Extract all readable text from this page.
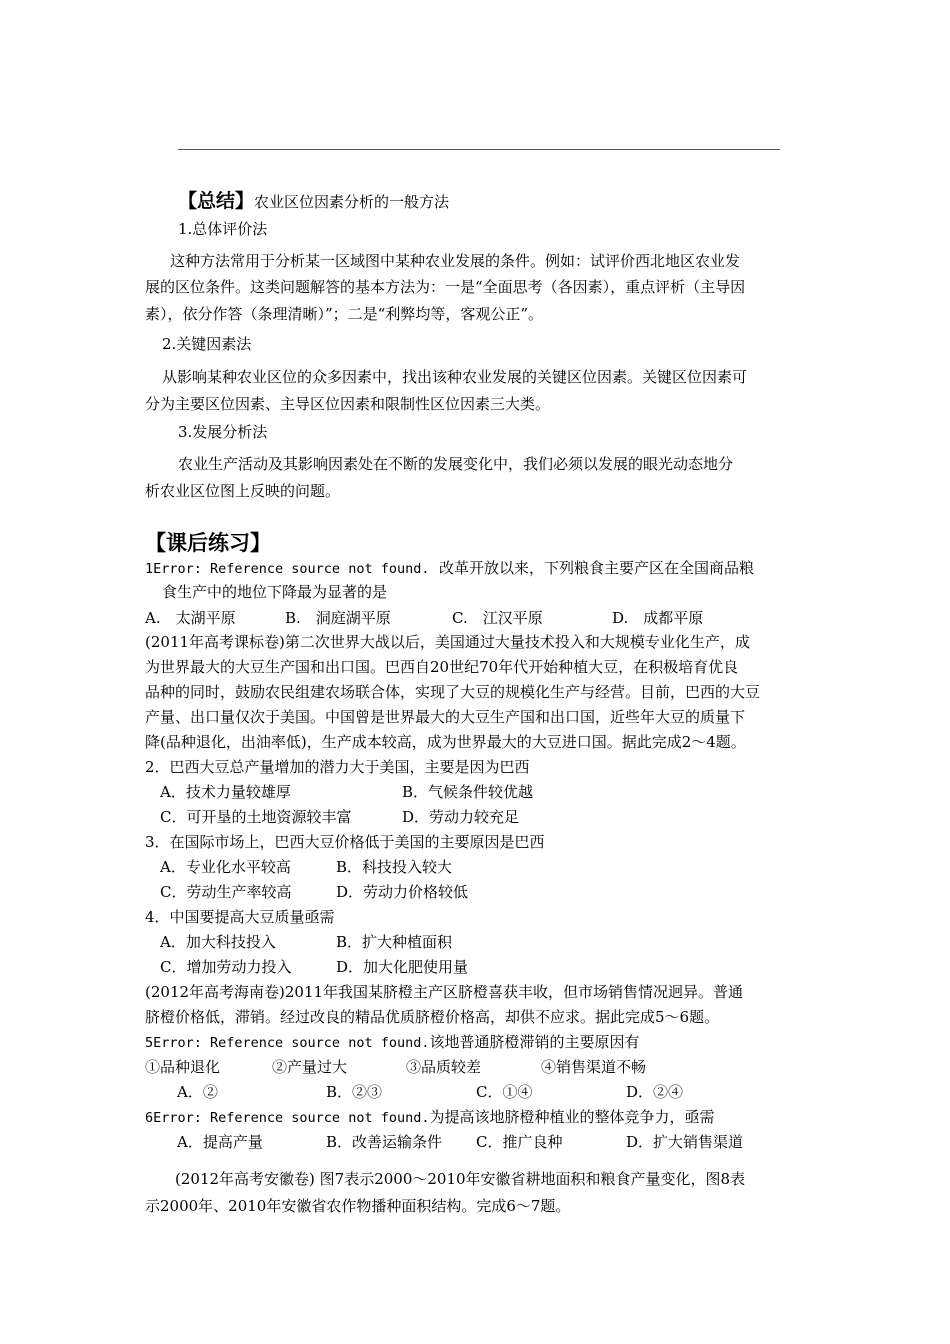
【总结】农业区位因素分析的一般方法
1.总体评价法
这种方法常用于分析某一区域图中某种农业发展的条件。例如：试评价西北地区农业发
展的区位条件。这类问题解答的基本方法为：一是“全面思考（各因素），重点评析（主导因
素），依分作答（条理清晰）”；二是“利弊均等，客观公正”。
2.关键因素法
从影响某种农业区位的众多因素中，找出该种农业发展的关键区位因素。关键区位因素可
分为主要区位因素、主导区位因素和限制性区位因素三大类。
3.发展分析法
农业生产活动及其影响因素处在不断的发展变化中，我们必须以发展的眼光动态地分
析农业区位图上反映的问题。
【课后练习】
1Error: Reference source not found. 改革开放以来，下列粮食主要产区在全国商品粮
食生产中的地位下降最为显著的是
A.　太湖平原	B.　洞庭湖平原	C.　江汉平原	D.　成都平原
(2011年高考课标卷)第二次世界大战以后，美国通过大量技术投入和大规模专业化生产，成
为世界最大的大豆生产国和出口国。巴西自20世纪70年代开始种植大豆，在积极培育优良
品种的同时，鼓励农民组建农场联合体，实现了大豆的规模化生产与经营。目前，巴西的大豆
产量、出口量仅次于美国。中国曾是世界最大的大豆生产国和出口国，近些年大豆的质量下
降(品种退化，出油率低)，生产成本较高，成为世界最大的大豆进口国。据此完成2～4题。
2．巴西大豆总产量增加的潜力大于美国，主要是因为巴西
A．技术力量较雄厚	B．气候条件较优越
C．可开垦的土地资源较丰富	D．劳动力较充足
3．在国际市场上，巴西大豆价格低于美国的主要原因是巴西
A．专业化水平较高	B．科技投入较大
C．劳动生产率较高	D．劳动力价格较低
4．中国要提高大豆质量亟需
A．加大科技投入	B．扩大种植面积
C．增加劳动力投入	D．加大化肥使用量
(2012年高考海南卷)2011年我国某脐橙主产区脐橙喜获丰收，但市场销售情况迥异。普通
脐橙价格低，滞销。经过改良的精品优质脐橙价格高，却供不应求。据此完成5～6题。
5Error: Reference source not found.该地普通脐橙滞销的主要原因有
①品种退化	②产量过大	③品质较差	④销售渠道不畅
A．②	B．②③	C．①④	D．②④
6Error: Reference source not found.为提高该地脐橙种植业的整体竞争力，亟需
A．提高产量	B．改善运输条件 C．推广良种	D．扩大销售渠道
(2012年高考安徽卷) 图7表示2000～2010年安徽省耕地面积和粮食产量变化，图8表
示2000年、2010年安徽省农作物播种面积结构。完成6～7题。
